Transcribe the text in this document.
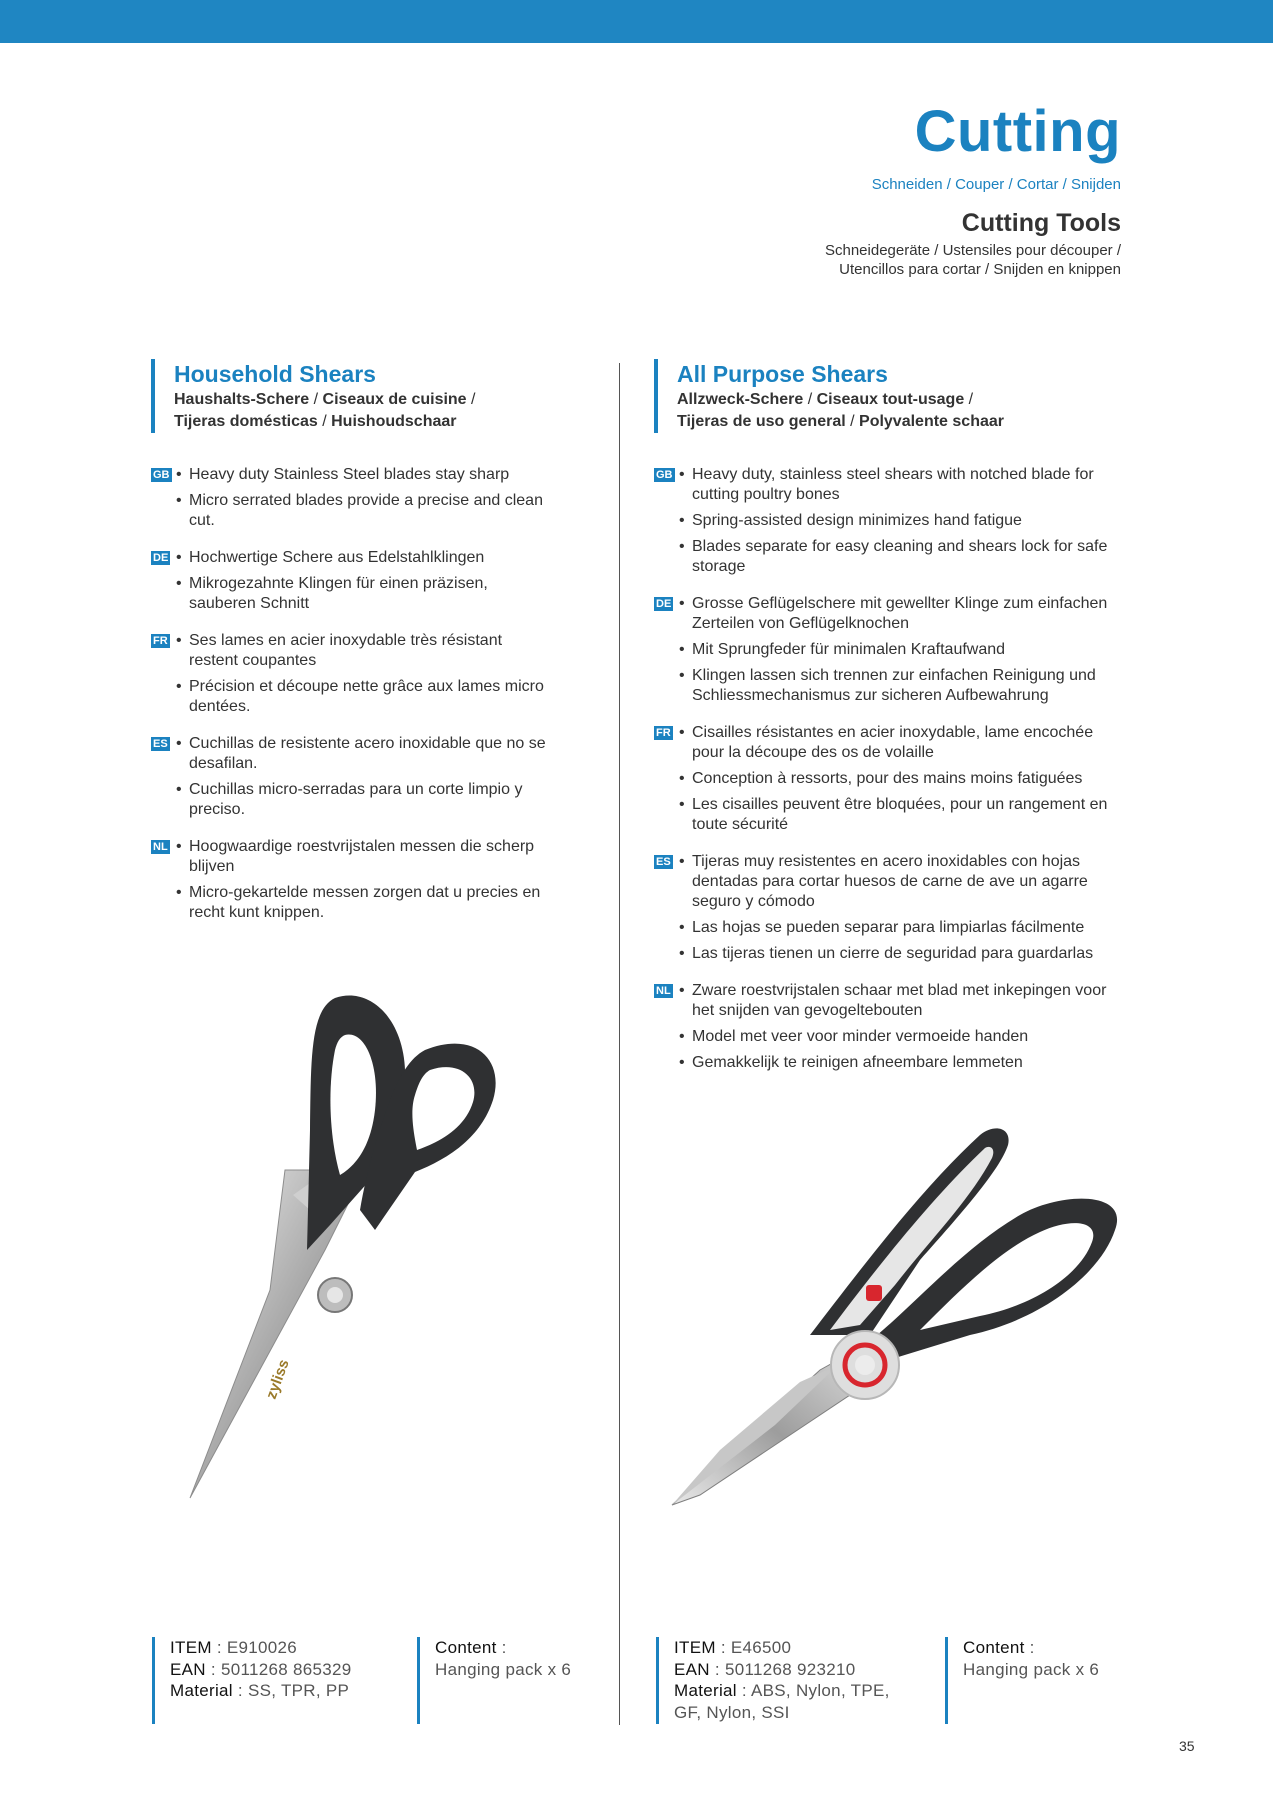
Cutting
Schneiden / Couper / Cortar / Snijden
Cutting Tools
Schneidegeräte / Ustensiles pour découper /
Utencillos para cortar / Snijden en knippen
Household Shears
Haushalts-Schere / Ciseaux de cuisine /
Tijeras domésticas / Huishoudschaar
GB	• Heavy duty Stainless Steel blades stay sharp
• Micro serrated blades provide a precise and clean cut.
DE	• Hochwertige Schere aus Edelstahlklingen
• Mikrogezahnte Klingen für einen präzisen, sauberen Schnitt
FR	• Ses lames en acier inoxydable très résistant restent coupantes
• Précision et découpe nette grâce aux lames micro dentées.
ES	• Cuchillas de resistente acero inoxidable que no se desafilan.
• Cuchillas micro-serradas para un corte limpio y preciso.
NL	• Hoogwaardige roestvrijstalen messen die scherp blijven
• Micro-gekartelde messen zorgen dat u precies en recht kunt knippen.
zyliss
All Purpose Shears
Allzweck-Schere / Ciseaux tout-usage /
Tijeras de uso general / Polyvalente schaar
GB	• Heavy duty, stainless steel shears with notched blade for cutting poultry bones
• Spring-assisted design minimizes hand fatigue
• Blades separate for easy cleaning and shears lock for safe storage
DE	• Grosse Geflügelschere mit gewellter Klinge zum einfachen Zerteilen von Geflügelknochen
• Mit Sprungfeder für minimalen Kraftaufwand
• Klingen lassen sich trennen zur einfachen Reinigung und Schliessmechanismus zur sicheren Aufbewahrung
FR	• Cisailles résistantes en acier inoxydable, lame encochée pour la découpe des os de volaille
• Conception à ressorts, pour des mains moins fatiguées
• Les cisailles peuvent être bloquées, pour un rangement en toute sécurité
ES	• Tijeras muy resistentes en acero inoxidables con hojas dentadas para cortar huesos de carne de ave un agarre seguro y cómodo
• Las hojas se pueden separar para limpiarlas fácilmente
• Las tijeras tienen un cierre de seguridad para guardarlas
NL	• Zware roestvrijstalen schaar met blad met inkepingen voor het snijden van gevogeltebouten
• Model met veer voor minder vermoeide handen
• Gemakkelijk te reinigen afneembare lemmeten
ITEM : E910026
EAN : 5011268 865329
Material : SS, TPR, PP
Content :
Hanging pack x 6
ITEM : E46500
EAN : 5011268 923210
Material : ABS, Nylon, TPE,
GF, Nylon, SSI
Content :
Hanging pack x 6
35
